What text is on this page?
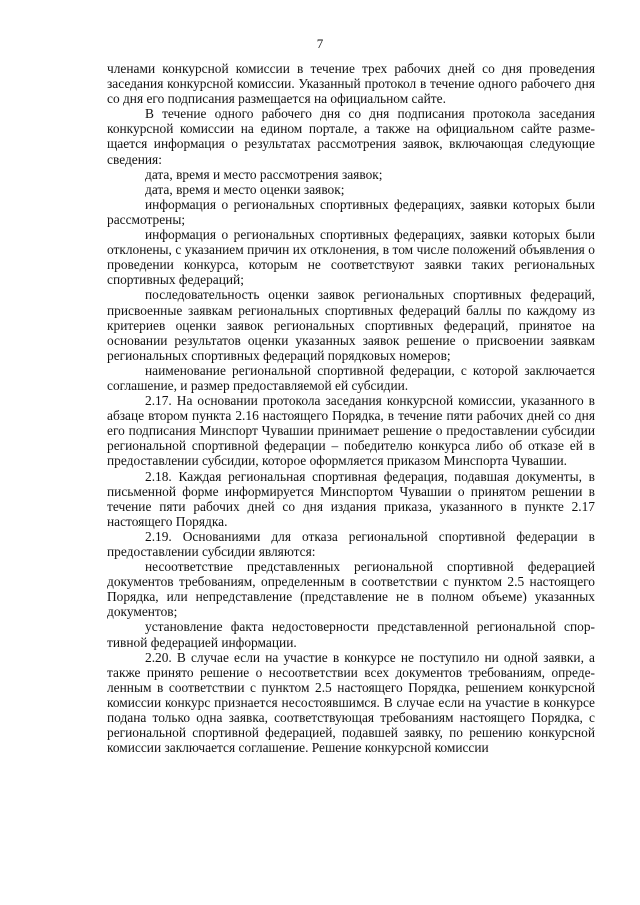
7

членами конкурсной комиссии в течение трех рабочих дней со дня проведения заседания конкурсной комиссии. Указанный протокол в течение одного рабочего дня со дня его подписания размещается на официальном сайте.

В течение одного рабочего дня со дня подписания протокола заседания конкурсной комиссии на едином портале, а также на официальном сайте размещается информация о результатах рассмотрения заявок, включающая следующие сведения:

дата, время и место рассмотрения заявок;

дата, время и место оценки заявок;

информация о региональных спортивных федерациях, заявки которых были рассмотрены;

информация о региональных спортивных федерациях, заявки которых были отклонены, с указанием причин их отклонения, в том числе положений объявления о проведении конкурса, которым не соответствуют заявки таких региональных спортивных федераций;

последовательность оценки заявок региональных спортивных федераций, присвоенные заявкам региональных спортивных федераций баллы по каждому из критериев оценки заявок региональных спортивных федераций, принятое на основании результатов оценки указанных заявок решение о присвоении заявкам региональных спортивных федераций порядковых номеров;

наименование региональной спортивной федерации, с которой заключается соглашение, и размер предоставляемой ей субсидии.

2.17. На основании протокола заседания конкурсной комиссии, указанного в абзаце втором пункта 2.16 настоящего Порядка, в течение пяти рабочих дней со дня его подписания Минспорт Чувашии принимает решение о предоставлении субсидии региональной спортивной федерации – победителю конкурса либо об отказе ей в предоставлении субсидии, которое оформляется приказом Минспорта Чувашии.

2.18. Каждая региональная спортивная федерация, подавшая документы, в письменной форме информируется Минспортом Чувашии о принятом решении в течение пяти рабочих дней со дня издания приказа, указанного в пункте 2.17 настоящего Порядка.

2.19. Основаниями для отказа региональной спортивной федерации в предоставлении субсидии являются:

несоответствие представленных региональной спортивной федерацией документов требованиям, определенным в соответствии с пунктом 2.5 настоящего Порядка, или непредставление (представление не в полном объеме) указанных документов;

установление факта недостоверности представленной региональной спортивной федерацией информации.

2.20. В случае если на участие в конкурсе не поступило ни одной заявки, а также принято решение о несоответствии всех документов требованиям, определенным в соответствии с пунктом 2.5 настоящего Порядка, решением конкурсной комиссии конкурс признается несостоявшимся. В случае если на участие в конкурсе подана только одна заявка, соответствующая требованиям настоящего Порядка, с региональной спортивной федерацией, подавшей заявку, по решению конкурсной комиссии заключается соглашение. Решение конкурсной комиссии
